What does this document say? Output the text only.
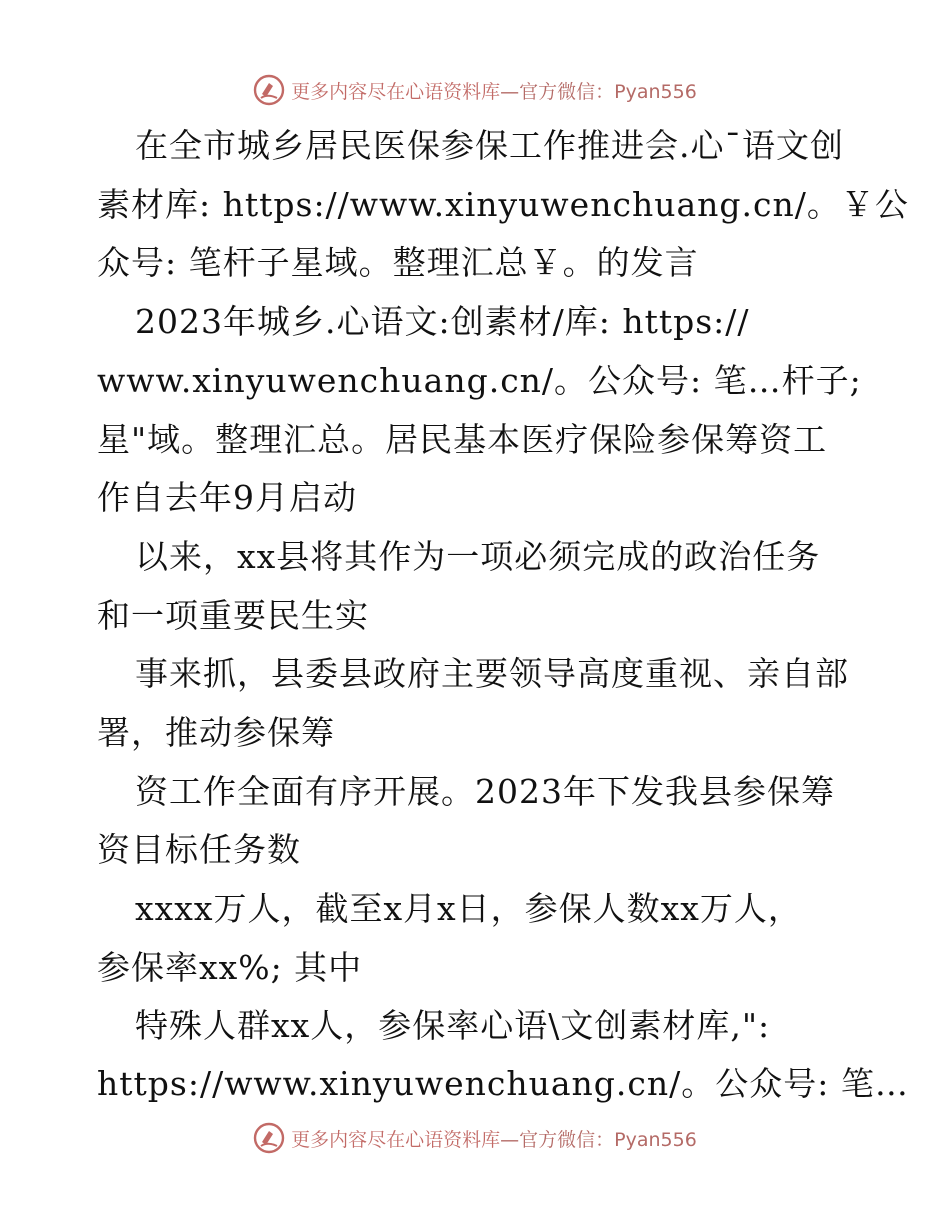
更多内容尽在心语资料库—官方微信：Pyan556
在全市城乡居民医保参保工作推进会.心¯语文创
素材库: https://www.xinyuwenchuang.cn/。￥公
众号: 笔杆子星域。整理汇总￥。的发言
2023年城乡.心语文:创素材/库: https://
www.xinyuwenchuang.cn/。公众号: 笔…杆子;
星"域。整理汇总。居民基本医疗保险参保筹资工
作自去年9月启动
以来，xx县将其作为一项必须完成的政治任务
和一项重要民生实
事来抓，县委县政府主要领导高度重视、亲自部
署，推动参保筹
资工作全面有序开展。2023年下发我县参保筹
资目标任务数
xxxx万人，截至x月x日，参保人数xx万人，
参保率xx%; 其中
特殊人群xx人，参保率心语\文创素材库,":
https://www.xinyuwenchuang.cn/。公众号: 笔…
更多内容尽在心语资料库—官方微信：Pyan556
